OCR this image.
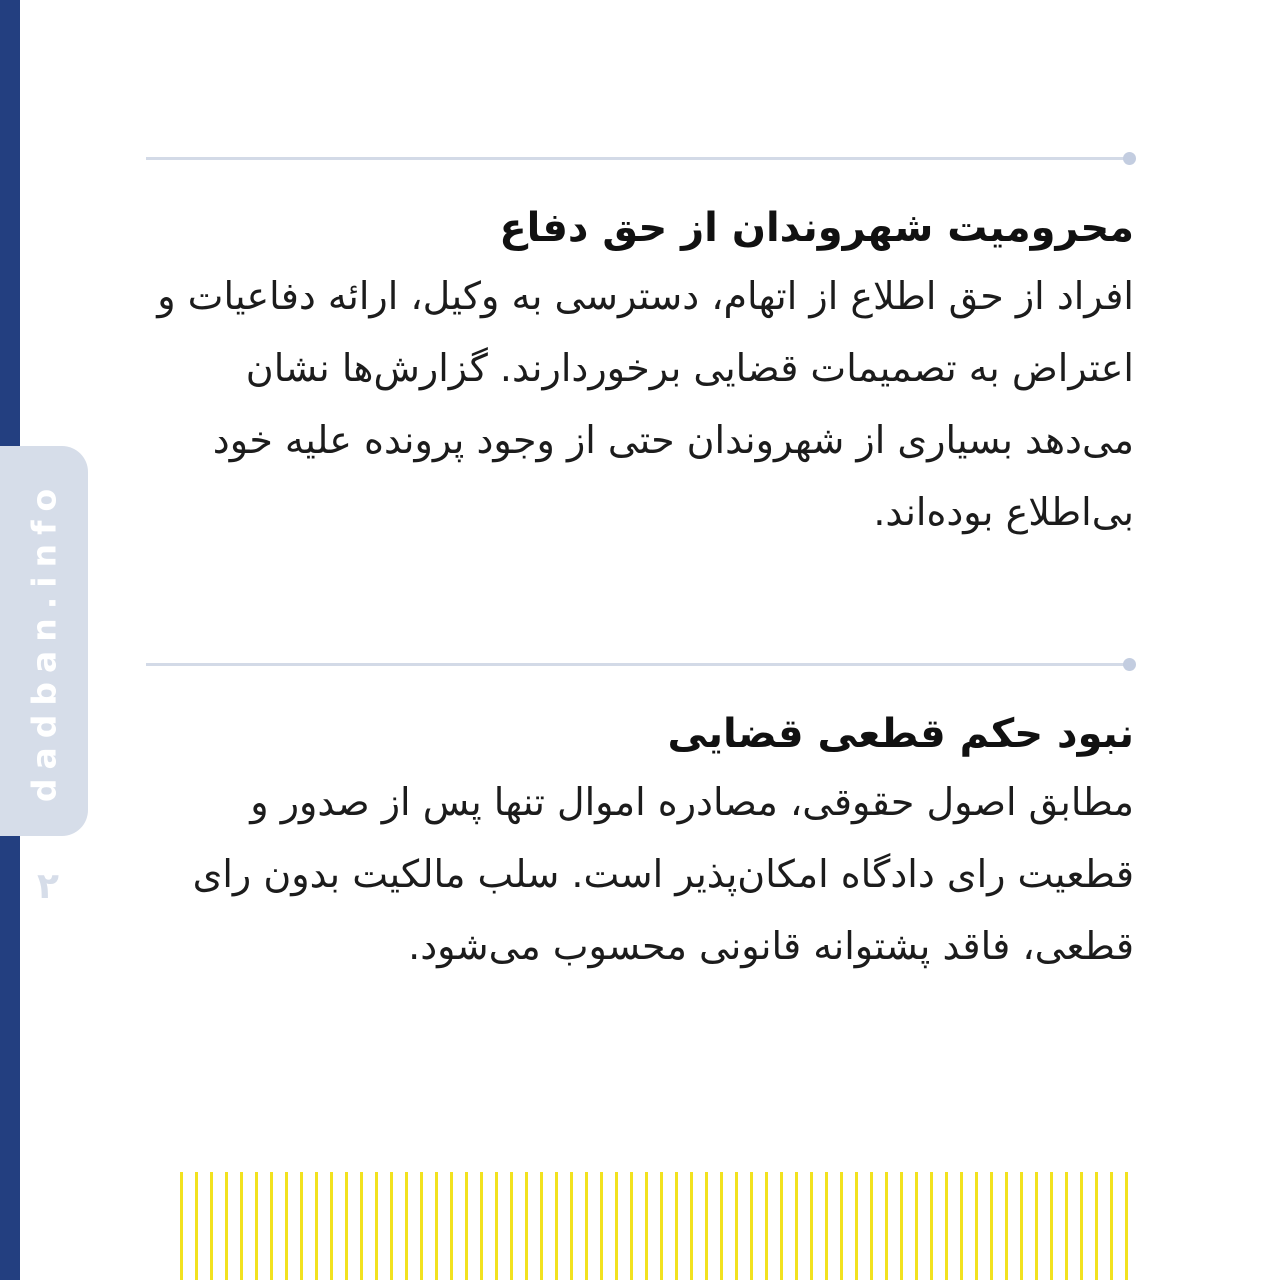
dadban.info
۲
محرومیت شهروندان از حق دفاع

افراد از حق اطلاع از اتهام، دسترسی به وکیل، ارائه دفاعیات و اعتراض به تصمیمات قضایی برخوردارند. گزارش‌ها نشان می‌دهد بسیاری از شهروندان حتی از وجود پرونده علیه خود بی‌اطلاع بوده‌اند.

نبود حکم قطعی قضایی

مطابق اصول حقوقی، مصادره اموال تنها پس از صدور و قطعیت رای دادگاه امکان‌پذیر است. سلب مالکیت بدون رای قطعی، فاقد پشتوانه قانونی محسوب می‌شود.
